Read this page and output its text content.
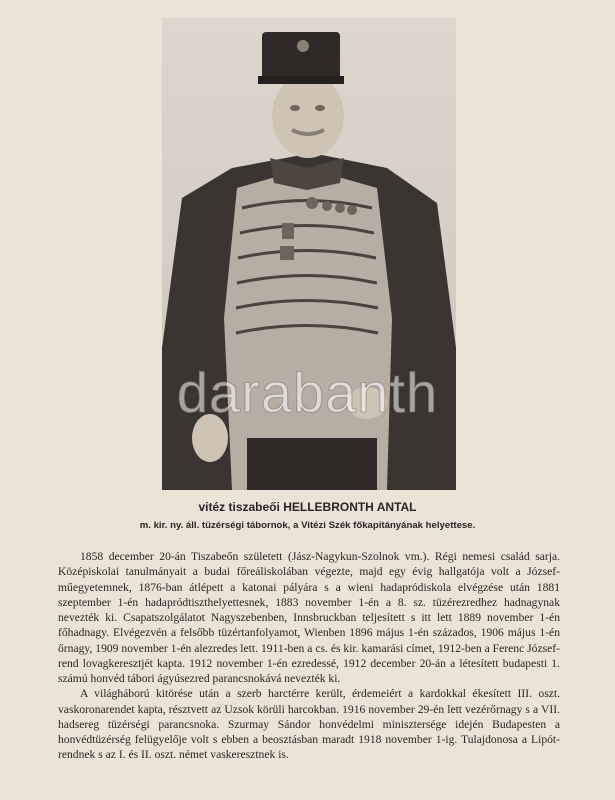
darabanth
vitéz tiszabeői HELLEBRONTH ANTAL
m. kir. ny. áll. tüzérségi tábornok, a Vitézi Szék főkapitányának helyettese.

1858 december 20-án Tiszabeőn született (Jász-Nagykun-Szolnok vm.). Régi nemesi család sarja. Középiskolai tanulmányait a budai főreáliskolában végezte, majd egy évig hallgatója volt a József-műegyetemnek, 1876-ban átlépett a katonai pályára s a wieni hadapródiskola elvégzése után 1881 szeptember 1-én hadapródtiszthelyettesnek, 1883 november 1-én a 8. sz. tüzérezredhez hadnagynak nevezték ki. Csapatszolgálatot Nagyszebenben, Innsbruckban teljesített s itt lett 1889 november 1-én főhadnagy. Elvégezvén a felsőbb tüzértanfolyamot, Wienben 1896 május 1-én százados, 1906 május 1-én őrnagy, 1909 november 1-én alezredes lett. 1911-ben a cs. és kir. kamarási címet, 1912-ben a Ferenc József-rend lovagkeresztjét kapta. 1912 november 1-én ezredessé, 1912 december 20-án a létesített budapesti 1. számú honvéd tábori ágyúsezred parancsnokává nevezték ki.

A világháború kitörése után a szerb harctérre került, érdemeiért a kardokkal ékesített III. oszt. vaskoronarendet kapta, résztvett az Uzsok körüli harcokban. 1916 november 29-én lett vezérőrnagy s a VII. hadsereg tüzérségi parancsnoka. Szurmay Sándor honvédelmi minisztersége idején Budapesten a honvédtüzérség felügyelője volt s ebben a beosztásban maradt 1918 november 1-ig. Tulajdonosa a Lipót-rendnek s az I. és II. oszt. német vaskeresztnek is.
